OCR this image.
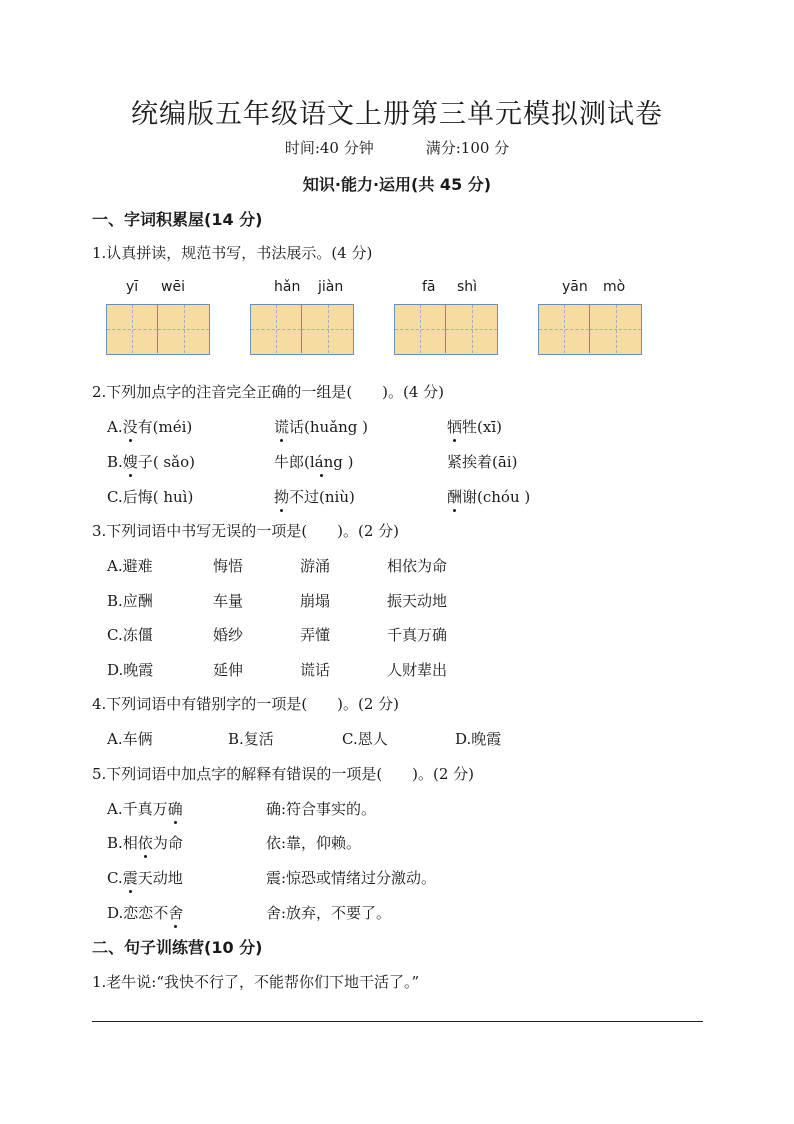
统编版五年级语文上册第三单元模拟测试卷
时间:40 分钟	满分:100 分
知识·能力·运用(共 45 分)
一、字词积累屋(14 分)
1.认真拼读，规范书写，书法展示。(4 分)
yī wēi	hǎn jiàn	fā shì	yān mò
2.下列加点字的注音完全正确的一组是(　　)。(4 分)
A.没有(méi)	谎话(huǎng )	牺牲(xī)
B.嫂子( sǎo)	牛郎(láng )	紧挨着(āi)
C.后悔( huì)	拗不过(niù)	酬谢(chóu )
3.下列词语中书写无误的一项是(　　)。(2 分)
A.避难	悔悟	游涌	相依为命
B.应酬	车量	崩塌	振天动地
C.冻僵	婚纱	弄懂	千真万确
D.晚霞	延伸	谎话	人财辈出
4.下列词语中有错别字的一项是(　　)。(2 分)
A.车俩	B.复活	C.恩人	D.晚霞
5.下列词语中加点字的解释有错误的一项是(　　)。(2 分)
A.千真万确	确:符合事实的。
B.相依为命	依:靠，仰赖。
C.震天动地	震:惊恐或情绪过分激动。
D.恋恋不舍	舍:放弃，不要了。
二、句子训练营(10 分)
1.老牛说:“我快不行了，不能帮你们下地干活了。”
